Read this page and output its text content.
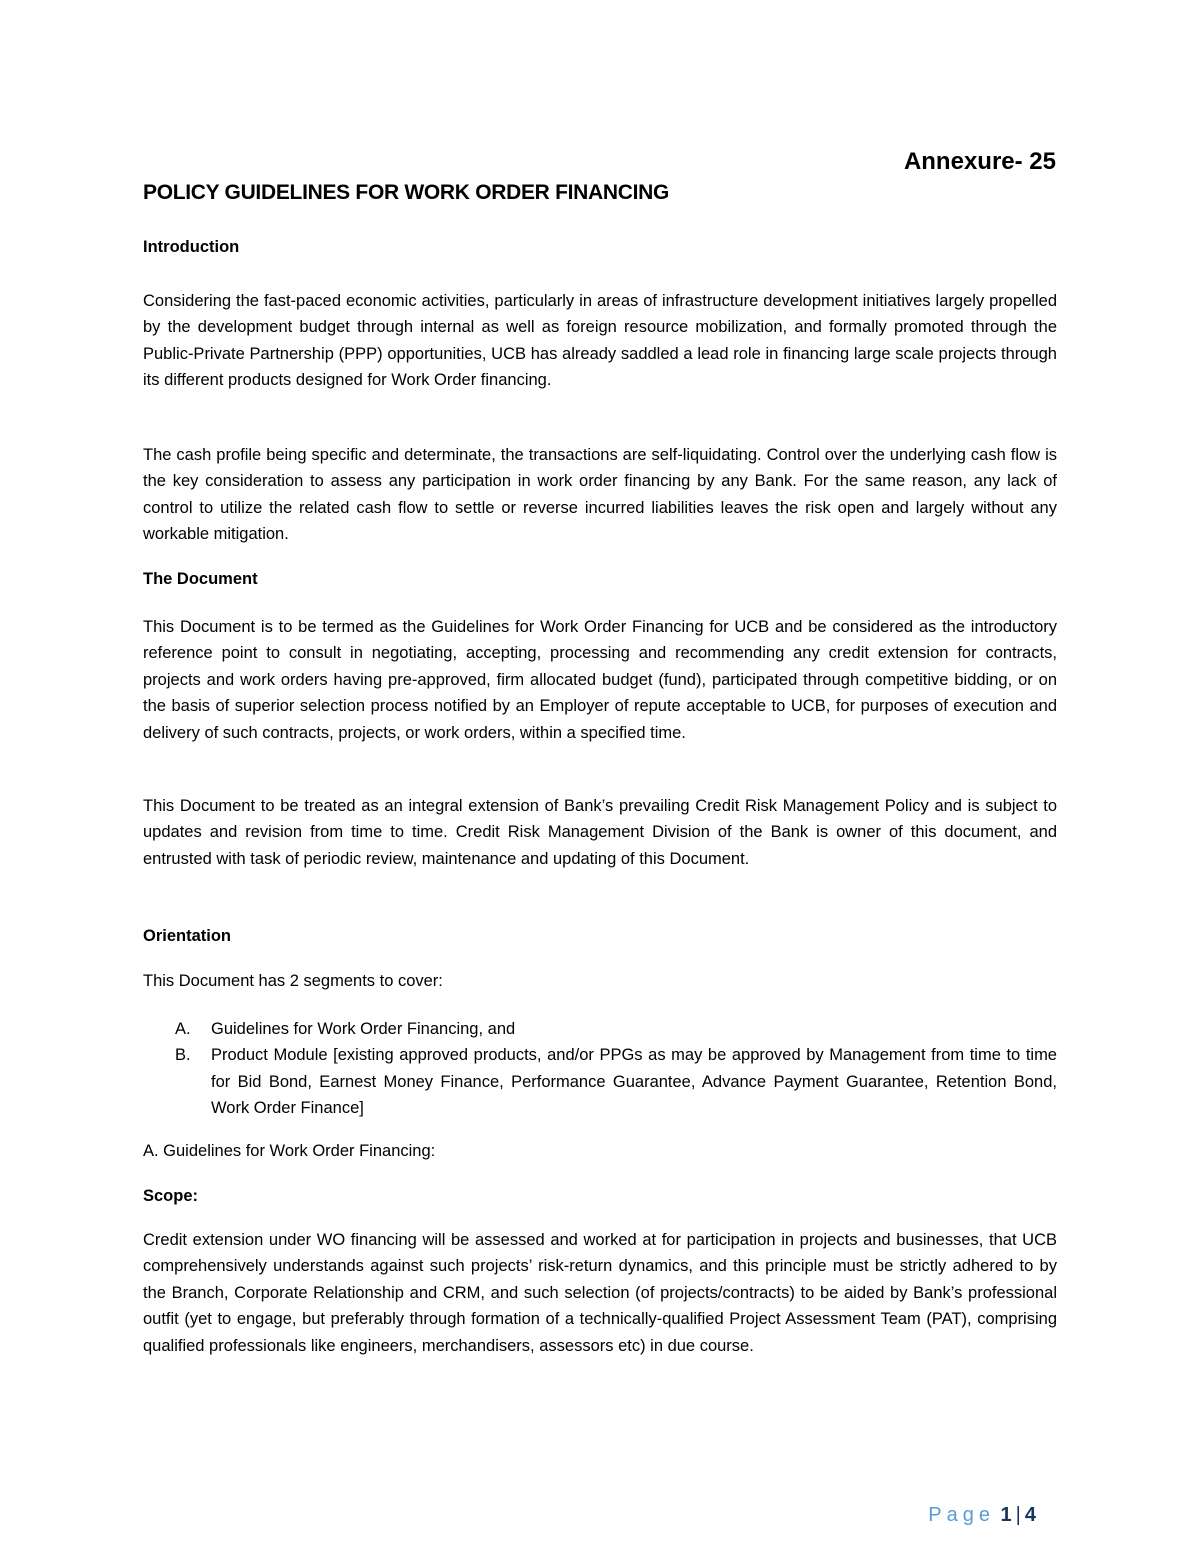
Annexure- 25

POLICY GUIDELINES FOR WORK ORDER FINANCING
Introduction

Considering the fast-paced economic activities, particularly in areas of infrastructure development initiatives largely propelled by the development budget through internal as well as foreign resource mobilization, and formally promoted through the Public-Private Partnership (PPP) opportunities, UCB has already saddled a lead role in financing large scale projects through its different products designed for Work Order financing.

The cash profile being specific and determinate, the transactions are self-liquidating. Control over the underlying cash flow is the key consideration to assess any participation in work order financing by any Bank. For the same reason, any lack of control to utilize the related cash flow to settle or reverse incurred liabilities leaves the risk open and largely without any workable mitigation.

The Document

This Document is to be termed as the Guidelines for Work Order Financing for UCB and be considered as the introductory reference point to consult in negotiating, accepting, processing and recommending any credit extension for contracts, projects and work orders having pre-approved, firm allocated budget (fund), participated through competitive bidding, or on the basis of superior selection process notified by an Employer of repute acceptable to UCB, for purposes of execution and delivery of such contracts, projects, or work orders, within a specified time.

This Document to be treated as an integral extension of Bank’s prevailing Credit Risk Management Policy and is subject to updates and revision from time to time. Credit Risk Management Division of the Bank is owner of this document, and entrusted with task of periodic review, maintenance and updating of this Document.

Orientation

This Document has 2 segments to cover:

A. Guidelines for Work Order Financing, and
B. Product Module [existing approved products, and/or PPGs as may be approved by Management from time to time for Bid Bond, Earnest Money Finance, Performance Guarantee, Advance Payment Guarantee, Retention Bond, Work Order Finance]

A. Guidelines for Work Order Financing:

Scope:

Credit extension under WO financing will be assessed and worked at for participation in projects and businesses, that UCB comprehensively understands against such projects’ risk-return dynamics, and this principle must be strictly adhered to by the Branch, Corporate Relationship and CRM, and such selection (of projects/contracts) to be aided by Bank’s professional outfit (yet to engage, but preferably through formation of a technically-qualified Project Assessment Team (PAT), comprising qualified professionals like engineers, merchandisers, assessors etc) in due course.

Page 1 | 4
